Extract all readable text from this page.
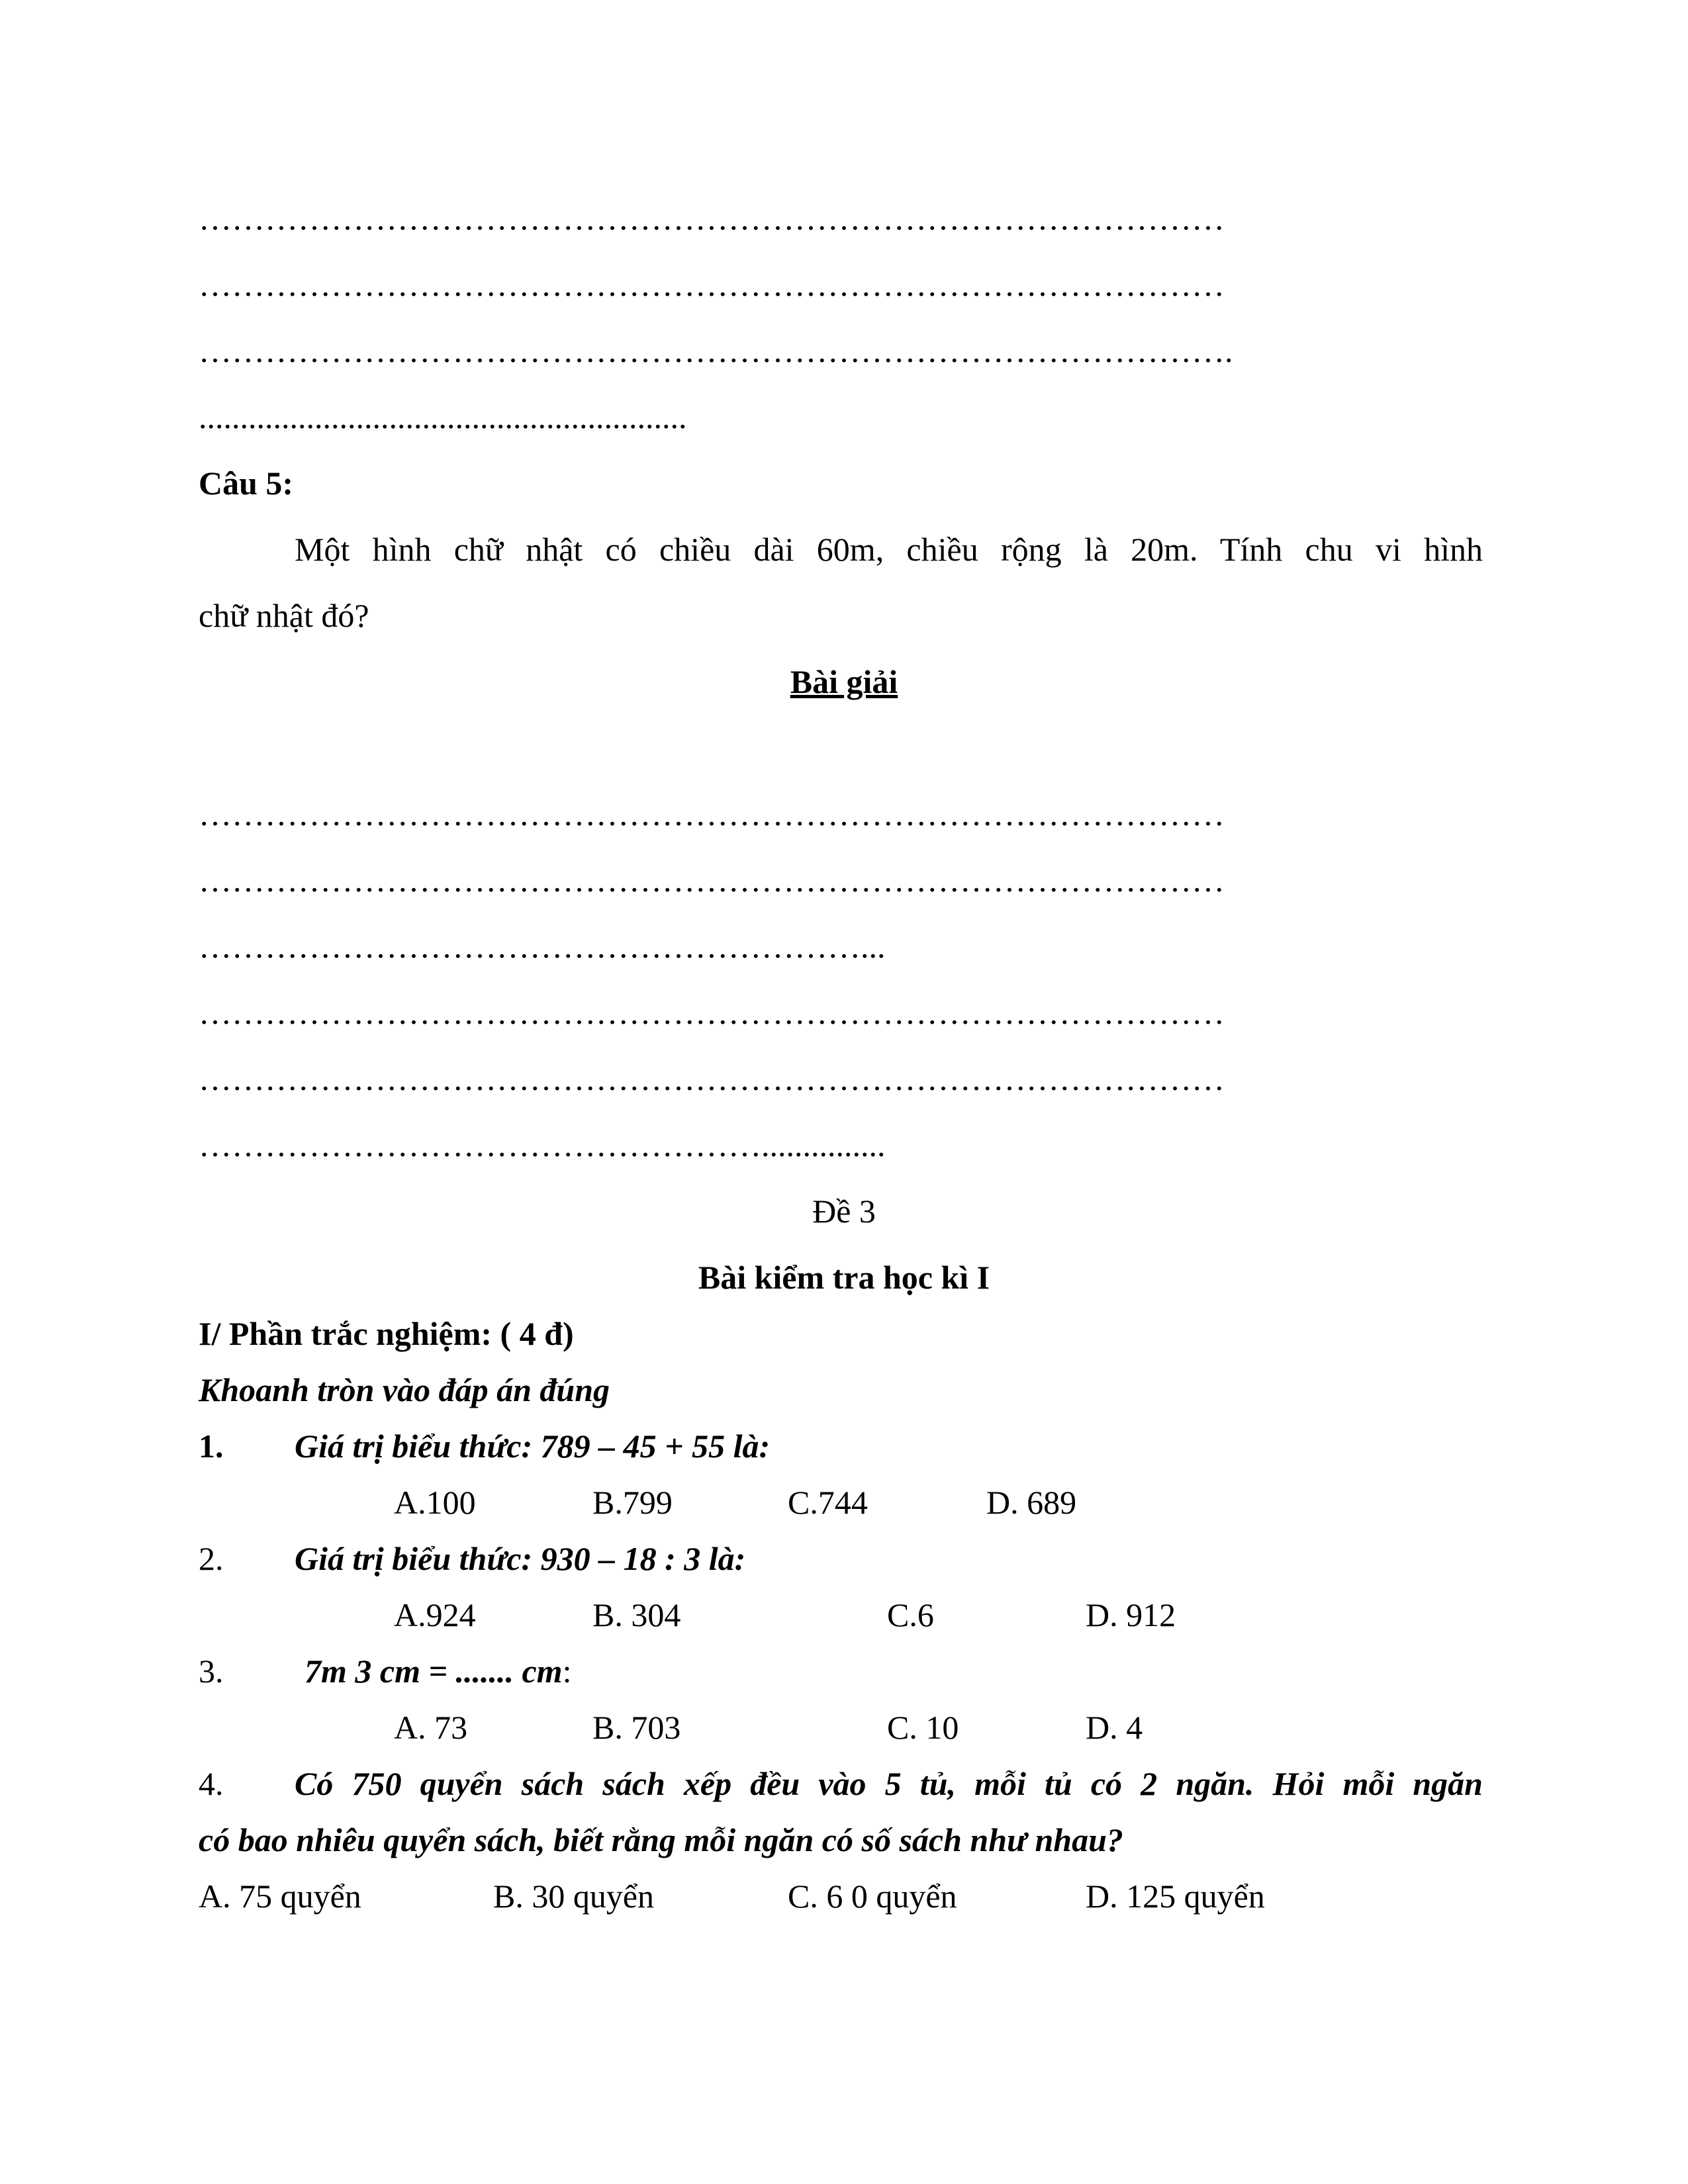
…………………………………………………………………………………
…………………………………………………………………………………
………………………………………………………………………………….
...........................................................
Câu 5:
Một hình chữ nhật có chiều dài 60m, chiều rộng là 20m. Tính chu vi hình
chữ nhật đó?
Bài giải
…………………………………………………………………………………
…………………………………………………………………………………
……………………………………………………...
…………………………………………………………………………………
…………………………………………………………………………………
……………………………………………...............
Đề 3
Bài kiểm tra học kì I
I/ Phần trắc nghiệm: ( 4 đ)
Khoanh tròn vào đáp án đúng
1. Giá trị biểu thức: 789 – 45 + 55 là:
A.100	B.799	C.744	D. 689
2. Giá trị biểu thức: 930 – 18 : 3 là:
A.924	B. 304	C.6	D. 912
3. 7m 3 cm = ....... cm:
A. 73	B. 703	C. 10	D. 4
4. Có 750 quyển sách sách xếp đều vào 5 tủ, mỗi tủ có 2 ngăn. Hỏi mỗi ngăn
có bao nhiêu quyển sách, biết rằng mỗi ngăn có số sách như nhau?
A. 75 quyển	B. 30 quyển	C. 6 0 quyển	D. 125 quyển
